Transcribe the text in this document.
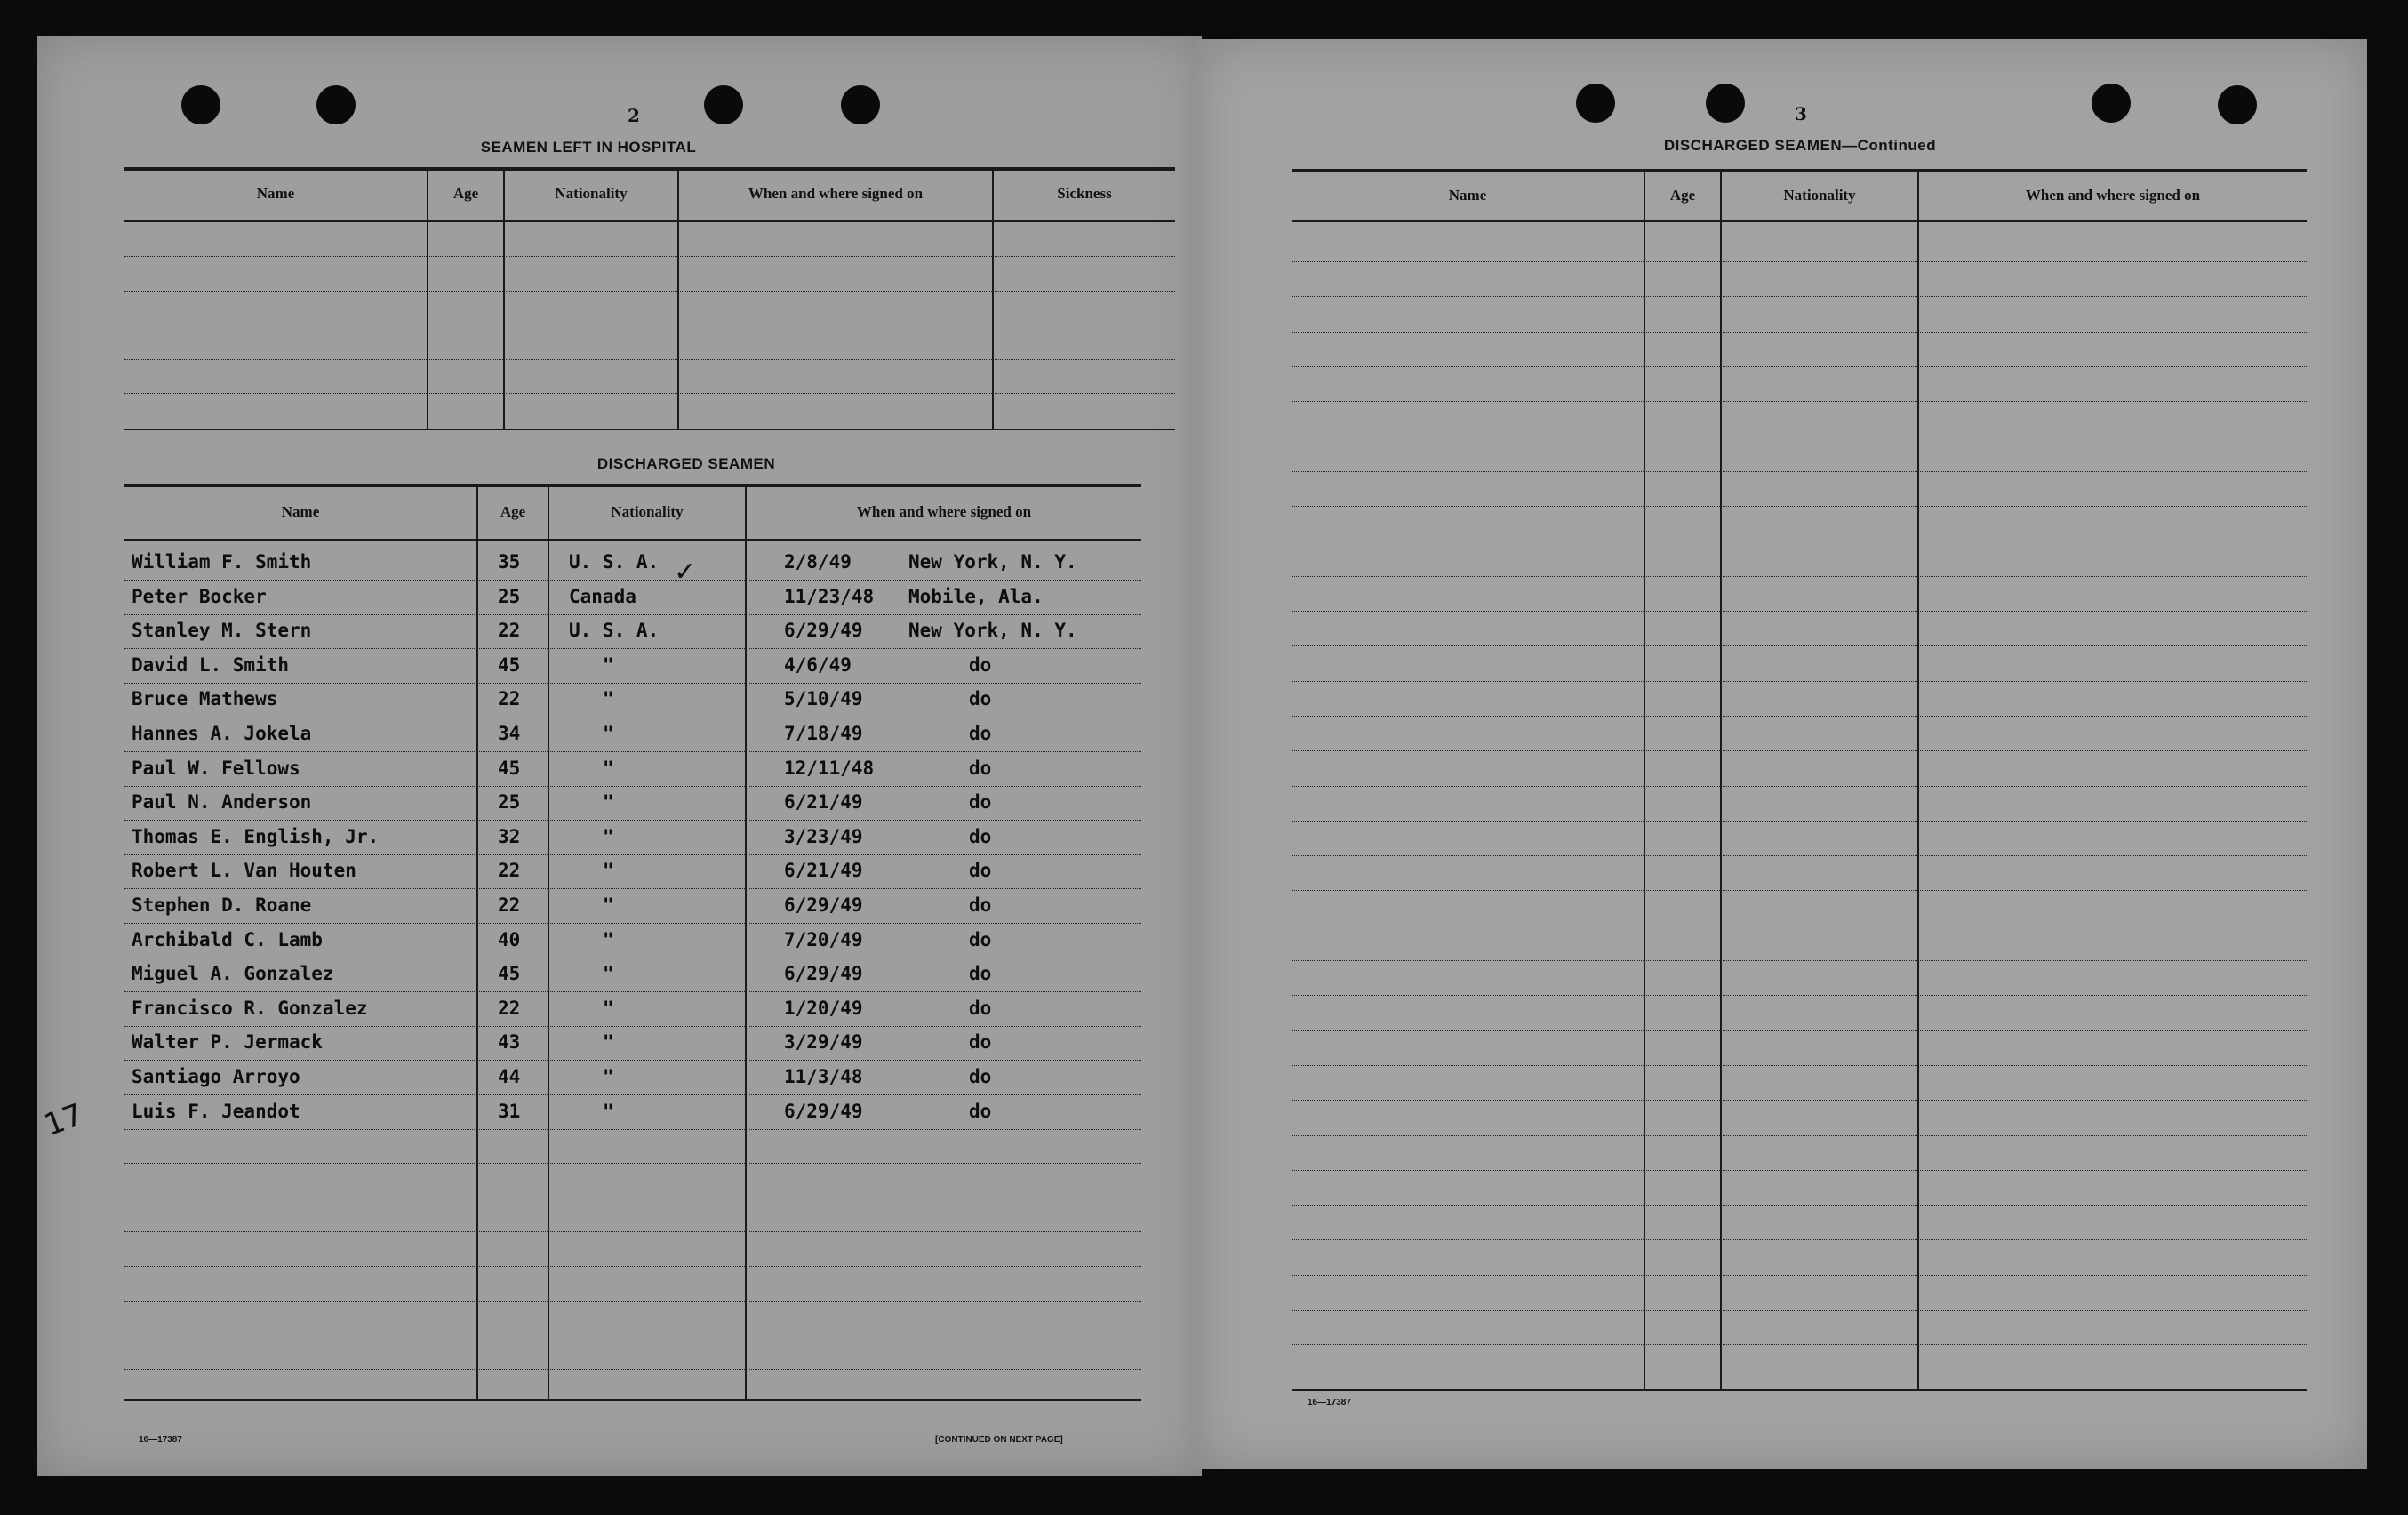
2
SEAMEN LEFT IN HOSPITAL
Name	Age	Nationality	When and where signed on	Sickness
DISCHARGED SEAMEN
Name	Age	Nationality	When and where signed on
William F. Smith	35	U. S. A.	2/8/49	New York, N. Y.
Peter Bocker	25	Canada	11/23/48 Mobile, Ala.
Stanley M. Stern	22	U. S. A.	6/29/49 New York, N. Y.
David L. Smith	45	"	4/6/49	do
Bruce Mathews	22	"	5/10/49	do
Hannes A. Jokela	34	"	7/18/49	do
Paul W. Fellows	45	"	12/11/48	do
Paul N. Anderson	25	"	6/21/49	do
Thomas E. English, Jr.	32	"	3/23/49	do
Robert L. Van Houten	22	"	6/21/49	do
Stephen D. Roane	22	"	6/29/49	do
Archibald C. Lamb	40	"	7/20/49	do
Miguel A. Gonzalez	45	"	6/29/49	do
Francisco R. Gonzalez	22	"	1/20/49	do
Walter P. Jermack	43	"	3/29/49	do
Santiago Arroyo	44	"	11/3/48	do
Luis F. Jeandot	31	"	6/29/49	do
17
✓
16—17387	[CONTINUED ON NEXT PAGE]
3
DISCHARGED SEAMEN—Continued
Name	Age	Nationality	When and where signed on
16—17387
